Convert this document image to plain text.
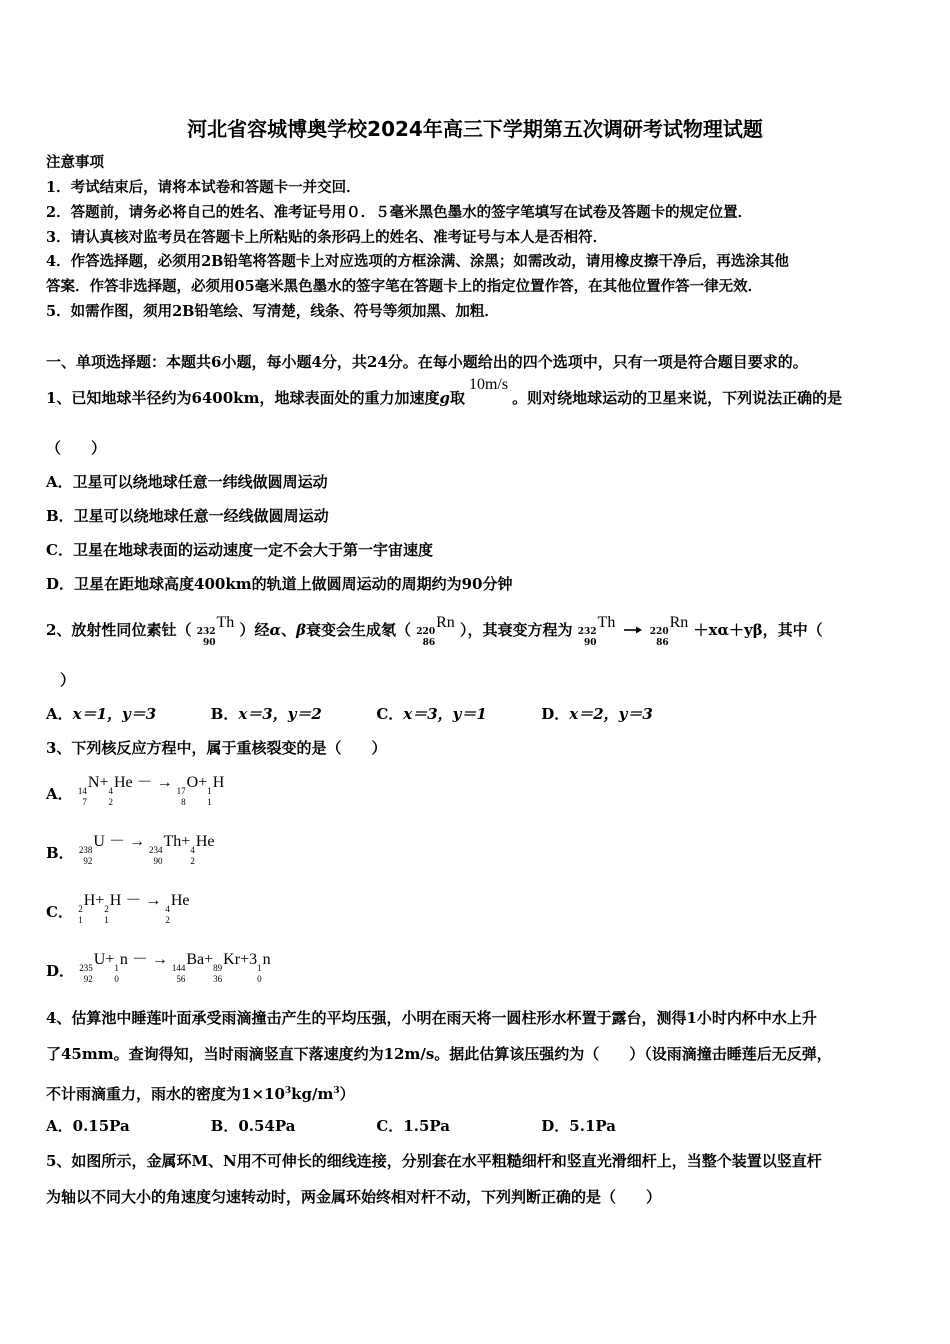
河北省容城博奥学校2024年高三下学期第五次调研考试物理试题
注意事项
1．考试结束后，请将本试卷和答题卡一并交回．
2．答题前，请务必将自己的姓名、准考证号用０．５毫米黑色墨水的签字笔填写在试卷及答题卡的规定位置．
3．请认真核对监考员在答题卡上所粘贴的条形码上的姓名、准考证号与本人是否相符．
4．作答选择题，必须用2B铅笔将答题卡上对应选项的方框涂满、涂黑；如需改动，请用橡皮擦干净后，再选涂其他
答案．作答非选择题，必须用05毫米黑色墨水的签字笔在答题卡上的指定位置作答，在其他位置作答一律无效．
5．如需作图，须用2B铅笔绘、写清楚，线条、符号等须加黑、加粗．
一、单项选择题：本题共6小题，每小题4分，共24分。在每小题给出的四个选项中，只有一项是符合题目要求的。
1、已知地球半径约为6400km，地球表面处的重力加速度g取10m/s。则对绕地球运动的卫星来说，下列说法正确的是
（　　）
A．卫星可以绕地球任意一纬线做圆周运动
B．卫星可以绕地球任意一经线做圆周运动
C．卫星在地球表面的运动速度一定不会大于第一宇宙速度
D．卫星在距地球高度400km的轨道上做圆周运动的周期约为90分钟
2、放射性同位素钍（ 232
90
Th ）经α、β衰变会生成氡（ 220
86
Rn ），其衰变方程为 232
90
Th → 220
86
Rn ＋xα＋yβ，其中（
）
A．x＝1，y＝3	B．x＝3，y＝2	C．x＝3，y＝1	D．x＝2，y＝3
3、下列核反应方程中，属于重核裂变的是（　　）
A． 14
7
N+ 4
2
He － → 17
8
O+ 1
1
H
B． 238
92
U － → 234
90
Th+ 4
2
He
C． 2
1
H+ 2
1
H － → 4
2
He
D． 235
92
U+ 1
0
n － → 144
56
Ba+ 89
36
Kr+3 1
0
n
4、估算池中睡莲叶面承受雨滴撞击产生的平均压强，小明在雨天将一圆柱形水杯置于露台，测得1小时内杯中水上升
了45mm。查询得知，当时雨滴竖直下落速度约为12m/s。据此估算该压强约为（　　）（设雨滴撞击睡莲后无反弹，
不计雨滴重力，雨水的密度为$1\times 10^3kg/m^3$）
A．0.15Pa	B．0.54Pa	C．1.5Pa	D．5.1Pa
5、如图所示，金属环M、N用不可伸长的细线连接，分别套在水平粗糙细杆和竖直光滑细杆上，当整个装置以竖直杆
为轴以不同大小的角速度匀速转动时，两金属环始终相对杆不动，下列判断正确的是（　　）
